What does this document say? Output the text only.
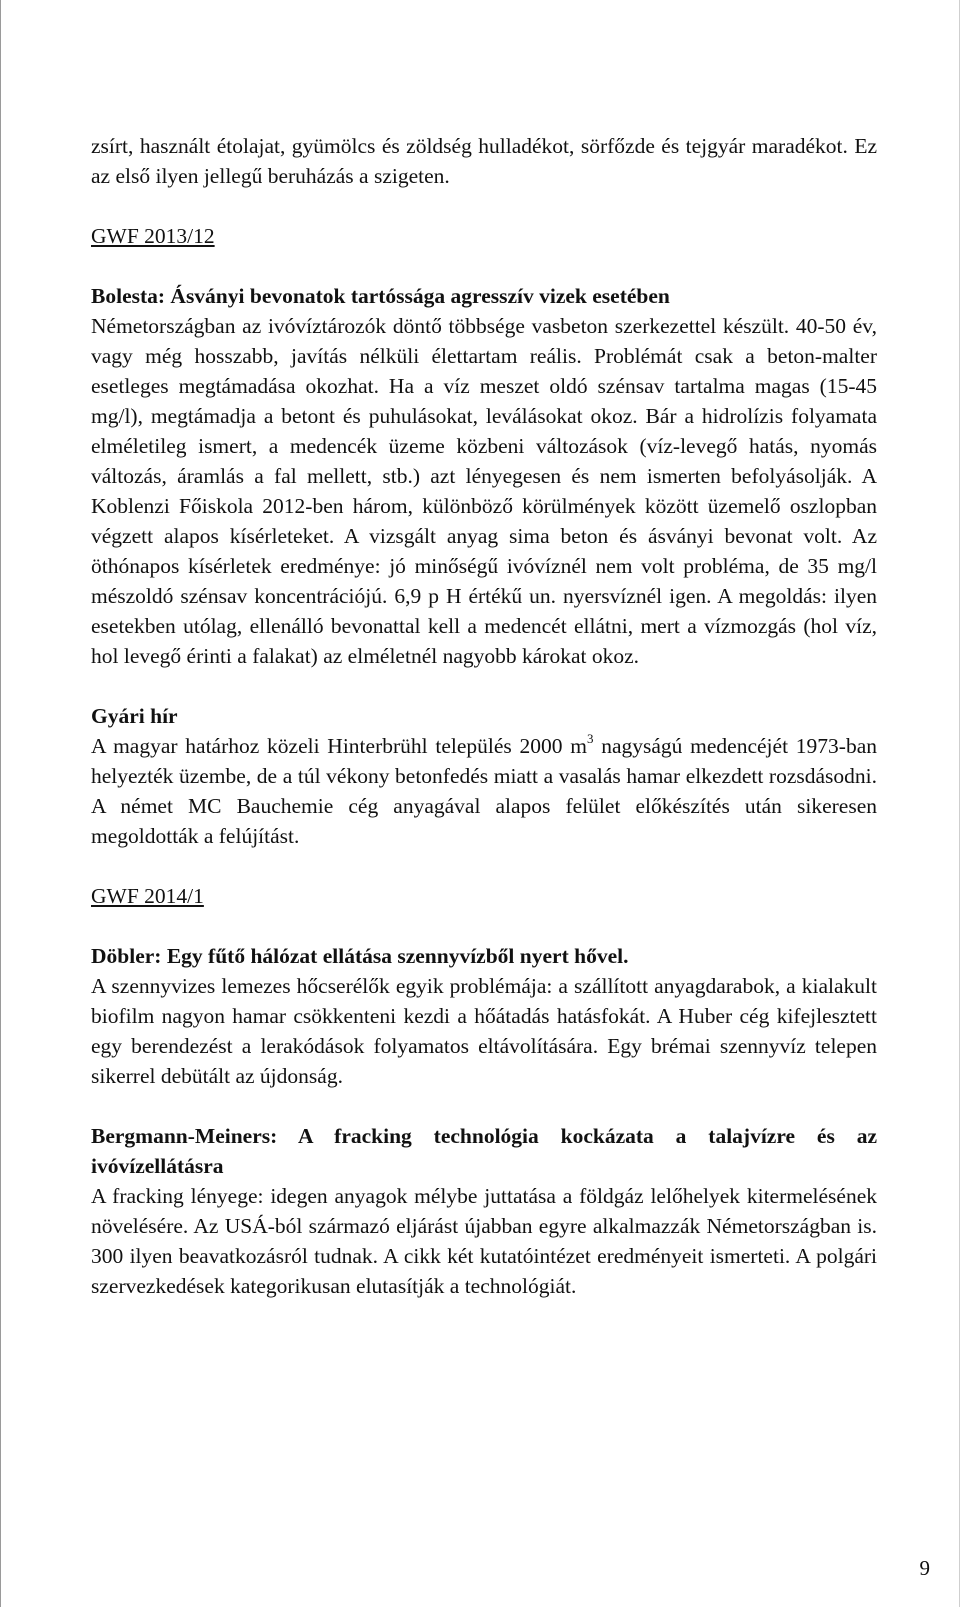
zsírt, használt étolajat, gyümölcs és zöldség hulladékot, sörfőzde és tejgyár maradékot. Ez az első ilyen jellegű beruházás a szigeten.

GWF 2013/12

Bolesta: Ásványi bevonatok tartóssága agresszív vizek esetében

Németországban az ivóvíztározók döntő többsége vasbeton szerkezettel készült. 40-50 év, vagy még hosszabb, javítás nélküli élettartam reális. Problémát csak a beton-malter esetleges megtámadása okozhat. Ha a víz meszet oldó szénsav tartalma magas (15-45 mg/l), megtámadja a betont és puhulásokat, leválásokat okoz. Bár a hidrolízis folyamata elméletileg ismert, a medencék üzeme közbeni változások (víz-levegő hatás, nyomás változás, áramlás a fal mellett, stb.) azt lényegesen és nem ismerten befolyásolják. A Koblenzi Főiskola 2012-ben három, különböző körülmények között üzemelő oszlopban végzett alapos kísérleteket. A vizsgált anyag sima beton és ásványi bevonat volt. Az öthónapos kísérletek eredménye: jó minőségű ivóvíznél nem volt probléma, de 35 mg/l mészoldó szénsav koncentrációjú. 6,9 p H értékű un. nyersvíznél igen. A megoldás: ilyen esetekben utólag, ellenálló bevonattal kell a medencét ellátni, mert a vízmozgás (hol víz, hol levegő érinti a falakat) az elméletnél nagyobb károkat okoz.

Gyári hír

A magyar határhoz közeli Hinterbrühl település 2000 $m^3$ nagyságú medencéjét 1973-ban helyezték üzembe, de a túl vékony betonfedés miatt a vasalás hamar elkezdett rozsdásodni. A német MC Bauchemie cég anyagával alapos felület előkészítés után sikeresen megoldották a felújítást.

GWF 2014/1

Döbler: Egy fűtő hálózat ellátása szennyvízből nyert hővel.

A szennyvizes lemezes hőcserélők egyik problémája: a szállított anyagdarabok, a kialakult biofilm nagyon hamar csökkenteni kezdi a hőátadás hatásfokát. A Huber cég kifejlesztett egy berendezést a lerakódások folyamatos eltávolítására. Egy brémai szennyvíz telepen sikerrel debütált az újdonság.

Bergmann-Meiners: A fracking technológia kockázata a talajvízre és az ivóvízellátásra

A fracking lényege: idegen anyagok mélybe juttatása a földgáz lelőhelyek kitermelésének növelésére. Az USÁ-ból származó eljárást újabban egyre alkalmazzák Németországban is. 300 ilyen beavatkozásról tudnak. A cikk két kutatóintézet eredményeit ismerteti. A polgári szervezkedések kategorikusan elutasítják a technológiát.

9
